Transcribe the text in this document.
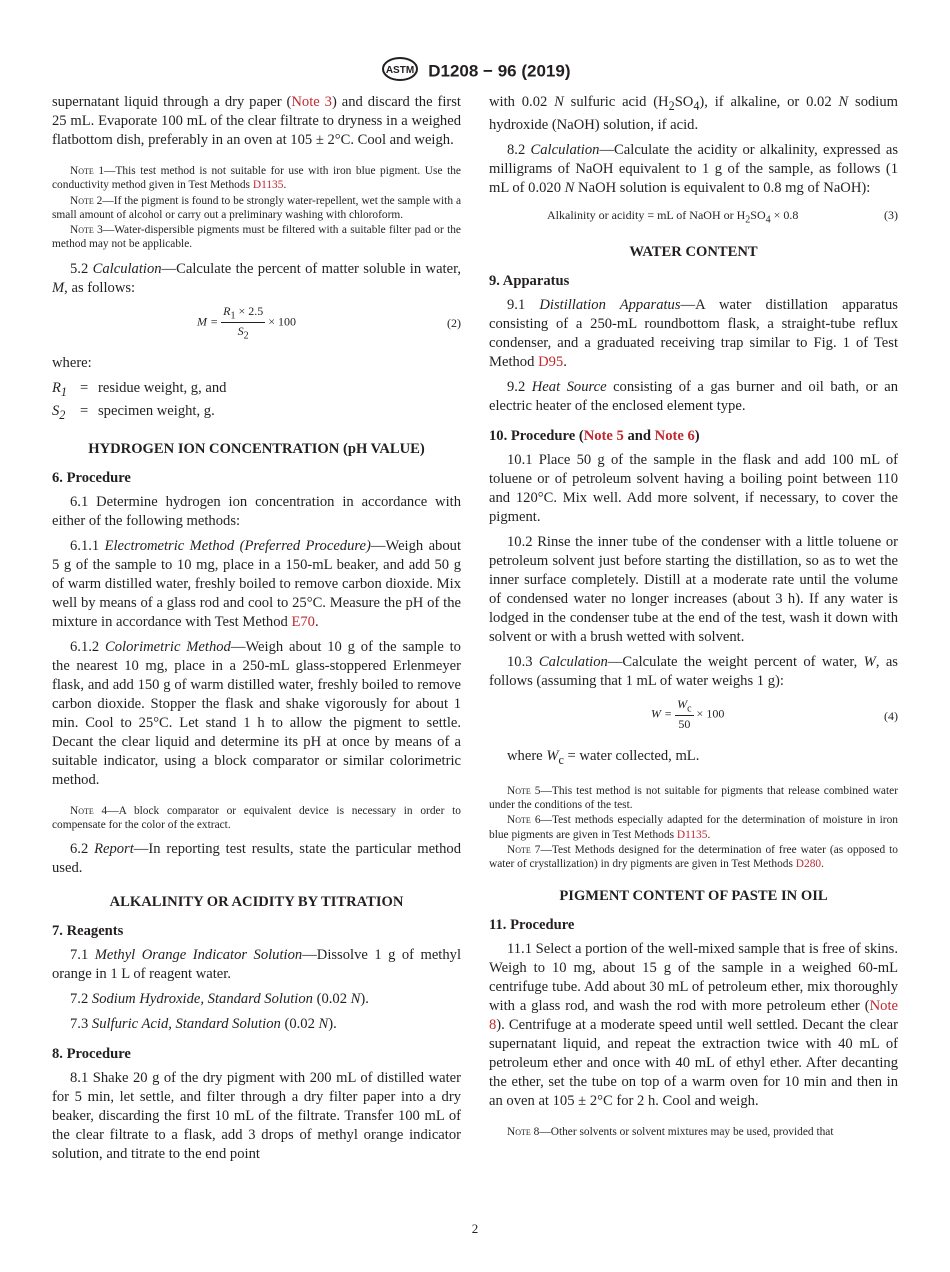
ASTM D1208 − 96 (2019)

supernatant liquid through a dry paper (Note 3) and discard the first 25 mL. Evaporate 100 mL of the clear filtrate to dryness in a weighed flatbottom dish, preferably in an oven at 105 ± 2°C. Cool and weigh.

Note 1—This test method is not suitable for use with iron blue pigment. Use the conductivity method given in Test Methods D1135.
Note 2—If the pigment is found to be strongly water-repellent, wet the sample with a small amount of alcohol or carry out a preliminary washing with chloroform.
Note 3—Water-dispersible pigments must be filtered with a suitable filter pad or the method may not be applicable.

5.2 Calculation—Calculate the percent of matter soluble in water, M, as follows:

$M = \frac{R_1 \times 2.5}{S_2} \times 100$	(2)

where:

$R_1$ = residue weight, g, and
$S_2$	= specimen weight, g.
HYDROGEN ION CONCENTRATION (pH VALUE)
6. Procedure

6.1 Determine hydrogen ion concentration in accordance with either of the following methods:

6.1.1 Electrometric Method (Preferred Procedure)—Weigh about 5 g of the sample to 10 mg, place in a 150-mL beaker, and add 50 g of warm distilled water, freshly boiled to remove carbon dioxide. Mix well by means of a glass rod and cool to 25°C. Measure the pH of the mixture in accordance with Test Method E70.

6.1.2 Colorimetric Method—Weigh about 10 g of the sample to the nearest 10 mg, place in a 250-mL glass-stoppered Erlenmeyer flask, and add 150 g of warm distilled water, freshly boiled to remove carbon dioxide. Stopper the flask and shake vigorously for about 1 min. Cool to 25°C. Let stand 1 h to allow the pigment to settle. Decant the clear liquid and determine its pH at once by means of a suitable indicator, using a block comparator or similar colorimetric method.

Note 4—A block comparator or equivalent device is necessary in order to compensate for the color of the extract.

6.2 Report—In reporting test results, state the particular method used.

ALKALINITY OR ACIDITY BY TITRATION
7. Reagents

7.1 Methyl Orange Indicator Solution—Dissolve 1 g of methyl orange in 1 L of reagent water.

7.2 Sodium Hydroxide, Standard Solution (0.02 N).

7.3 Sulfuric Acid, Standard Solution (0.02 N).

8. Procedure

8.1 Shake 20 g of the dry pigment with 200 mL of distilled water for 5 min, let settle, and filter through a dry filter paper into a dry beaker, discarding the first 10 mL of the filtrate. Transfer 100 mL of the clear filtrate to a flask, add 3 drops of methyl orange indicator solution, and titrate to the end point

with 0.02 N sulfuric acid $(H_2SO_4)$, if alkaline, or 0.02 N sodium hydroxide (NaOH) solution, if acid.

8.2 Calculation—Calculate the acidity or alkalinity, expressed as milligrams of NaOH equivalent to 1 g of the sample, as follows (1 mL of 0.020 N NaOH solution is equivalent to 0.8 mg of NaOH):

Alkalinity or acidity = mL of NaOH or $H_2SO_4 \times 0.8$	(3)
WATER CONTENT
9. Apparatus

9.1 Distillation Apparatus—A water distillation apparatus consisting of a 250-mL roundbottom flask, a straight-tube reflux condenser, and a graduated receiving trap similar to Fig. 1 of Test Method D95.

9.2 Heat Source consisting of a gas burner and oil bath, or an electric heater of the enclosed element type.

10. Procedure (Note 5 and Note 6)

10.1 Place 50 g of the sample in the flask and add 100 mL of toluene or of petroleum solvent having a boiling point between 110 and 120°C. Mix well. Add more solvent, if necessary, to cover the pigment.

10.2 Rinse the inner tube of the condenser with a little toluene or petroleum solvent just before starting the distillation, so as to wet the inner surface completely. Distill at a moderate rate until the volume of condensed water no longer increases (about 3 h). If any water is lodged in the condenser tube at the end of the test, wash it down with solvent or with a brush wetted with solvent.

10.3 Calculation—Calculate the weight percent of water, W, as follows (assuming that 1 mL of water weighs 1 g):

$W = \frac{W_c}{50} \times 100$	(4)

where $W_c$ = water collected, mL.

Note 5—This test method is not suitable for pigments that release combined water under the conditions of the test.
Note 6—Test methods especially adapted for the determination of moisture in iron blue pigments are given in Test Methods D1135.
Note 7—Test Methods designed for the determination of free water (as opposed to water of crystallization) in dry pigments are given in Test Methods D280.
PIGMENT CONTENT OF PASTE IN OIL
11. Procedure

11.1 Select a portion of the well-mixed sample that is free of skins. Weigh to 10 mg, about 15 g of the sample in a weighed 60-mL centrifuge tube. Add about 30 mL of petroleum ether, mix thoroughly with a glass rod, and wash the rod with more petroleum ether (Note 8). Centrifuge at a moderate speed until well settled. Decant the clear supernatant liquid, and repeat the extraction twice with 40 mL of petroleum ether and once with 40 mL of ethyl ether. After decanting the ether, set the tube on top of a warm oven for 10 min and then in an oven at 105 ± 2°C for 2 h. Cool and weigh.

Note 8—Other solvents or solvent mixtures may be used, provided that
2
